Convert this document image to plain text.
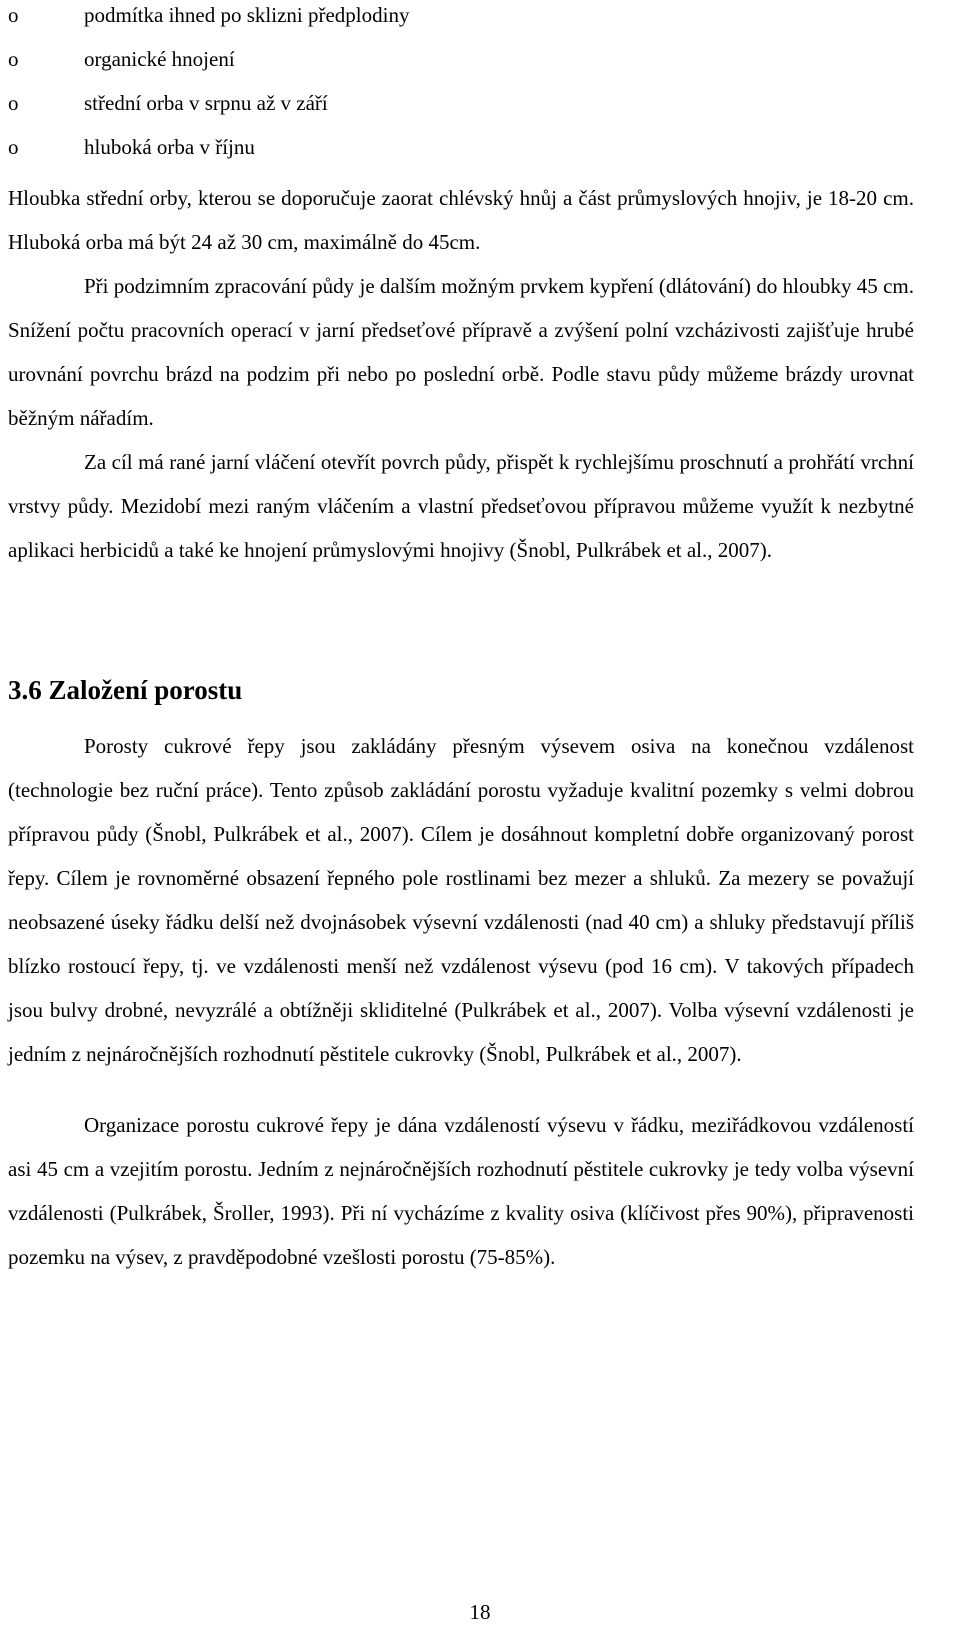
o	podmítka ihned po sklizni předplodiny
o	organické hnojení
o	střední orba v srpnu až v září
o	hluboká orba v říjnu

Hloubka střední orby, kterou se doporučuje zaorat chlévský hnůj a část průmyslových hnojiv, je 18-20 cm. Hluboká orba má být 24 až 30 cm, maximálně do 45cm.

Při podzimním zpracování půdy je dalším možným prvkem kypření (dlátování) do hloubky 45 cm. Snížení počtu pracovních operací v jarní předseťové přípravě a zvýšení polní vzcházivosti zajišťuje hrubé urovnání povrchu brázd na podzim při nebo po poslední orbě. Podle stavu půdy můžeme brázdy urovnat běžným nářadím.

Za cíl má rané jarní vláčení otevřít povrch půdy, přispět k rychlejšímu proschnutí a prohřátí vrchní vrstvy půdy. Mezidobí mezi raným vláčením a vlastní předseťovou přípravou můžeme využít k nezbytné aplikaci herbicidů a také ke hnojení průmyslovými hnojivy (Šnobl, Pulkrábek et al., 2007).

3.6 Založení porostu

Porosty cukrové řepy jsou zakládány přesným výsevem osiva na konečnou vzdálenost (technologie bez ruční práce). Tento způsob zakládání porostu vyžaduje kvalitní pozemky s velmi dobrou přípravou půdy (Šnobl, Pulkrábek et al., 2007). Cílem je dosáhnout kompletní dobře organizovaný porost řepy. Cílem je rovnoměrné obsazení řepného pole rostlinami bez mezer a shluků. Za mezery se považují neobsazené úseky řádku delší než dvojnásobek výsevní vzdálenosti (nad 40 cm) a shluky představují příliš blízko rostoucí řepy, tj. ve vzdálenosti menší než vzdálenost výsevu (pod 16 cm). V takových případech jsou bulvy drobné, nevyzrálé a obtížněji skliditelné (Pulkrábek et al., 2007). Volba výsevní vzdálenosti je jedním z nejnáročnějších rozhodnutí pěstitele cukrovky (Šnobl, Pulkrábek et al., 2007).

Organizace porostu cukrové řepy je dána vzdáleností výsevu v řádku, meziřádkovou vzdáleností asi 45 cm a vzejitím porostu. Jedním z nejnáročnějších rozhodnutí pěstitele cukrovky je tedy volba výsevní vzdálenosti (Pulkrábek, Šroller, 1993). Při ní vycházíme z kvality osiva (klíčivost přes 90%), připravenosti pozemku na výsev, z pravděpodobné vzešlosti porostu (75-85%).

18
